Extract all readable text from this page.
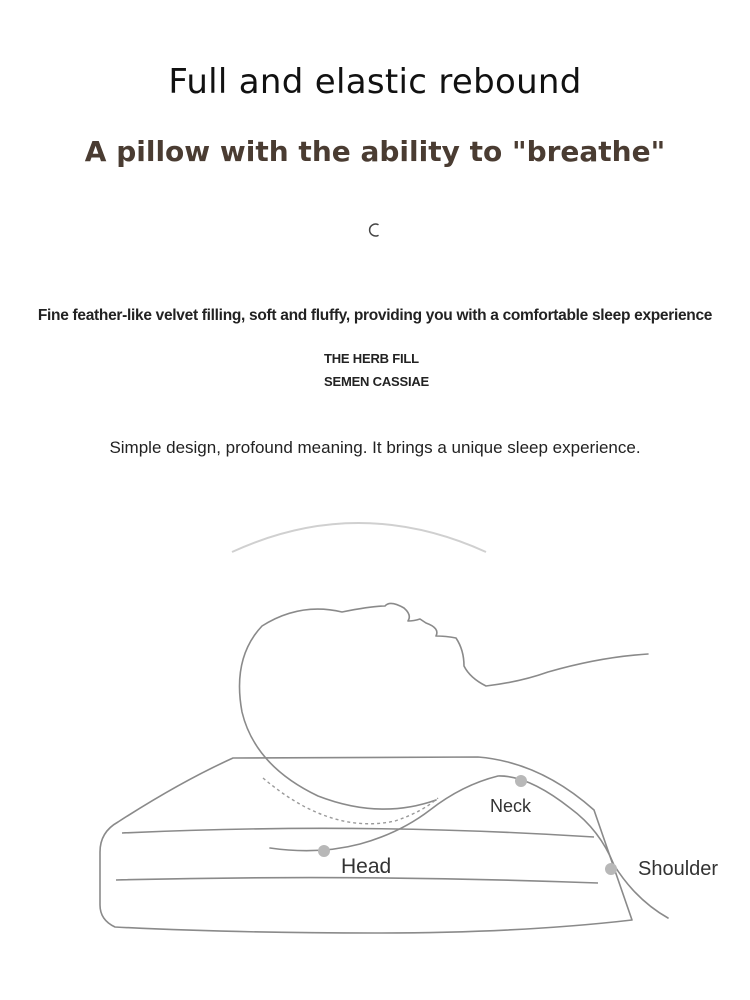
Full and elastic rebound
A pillow with the ability to "breathe"
Fine feather-like velvet filling, soft and fluffy, providing you with a comfortable sleep experience
THE HERB FILL
SEMEN CASSIAE
Simple design, profound meaning. It brings a unique sleep experience.
Neck
Head	Shoulder
